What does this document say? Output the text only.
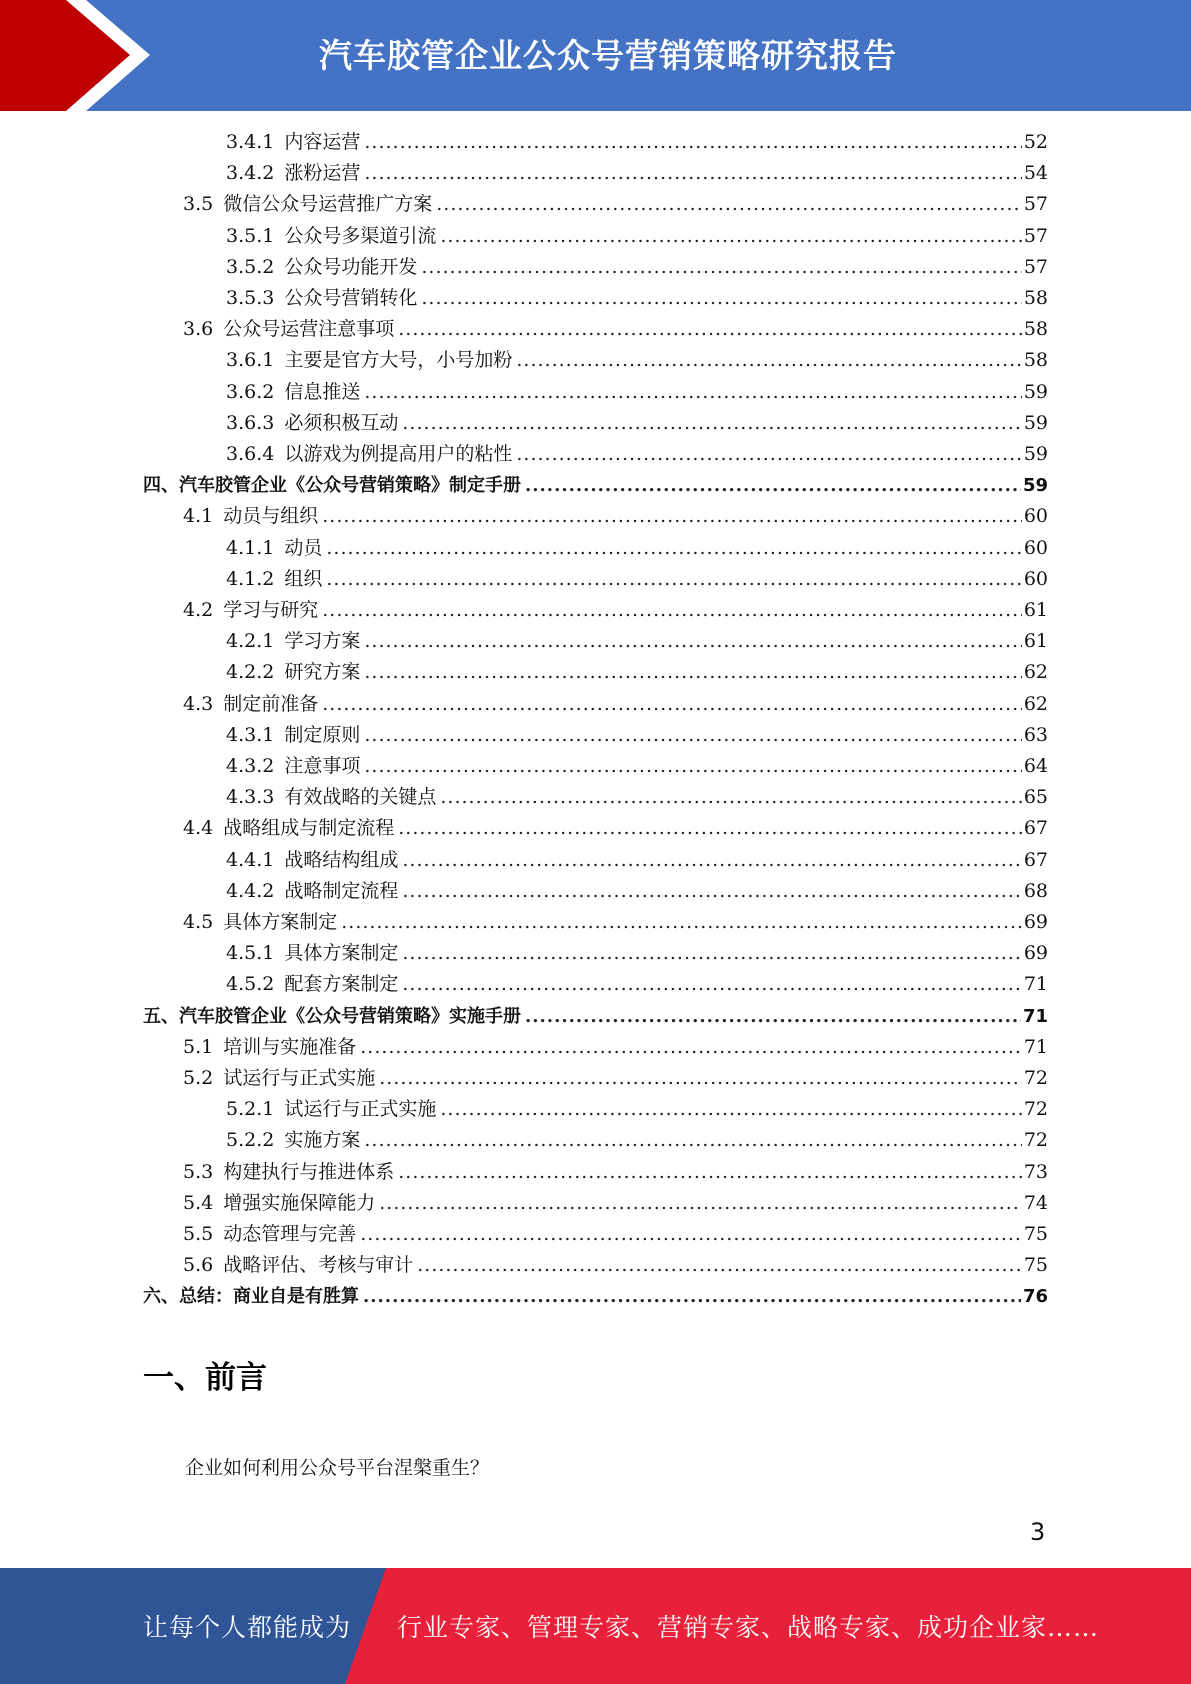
汽车胶管企业公众号营销策略研究报告
3.4.1 内容运营 .....	52
3.4.2 涨粉运营 .....	54
3.5 微信公众号运营推广方案 .....	57
3.5.1 公众号多渠道引流 .....	57
3.5.2 公众号功能开发 .....	57
3.5.3 公众号营销转化 .....	58
3.6 公众号运营注意事项 .....	58
3.6.1 主要是官方大号，小号加粉 .....	58
3.6.2 信息推送 .....	59
3.6.3 必须积极互动 .....	59
3.6.4 以游戏为例提高用户的粘性 .....	59
四、汽车胶管企业《公众号营销策略》制定手册 .....	59
4.1 动员与组织 .....	60
4.1.1 动员 .....	60
4.1.2 组织 .....	60
4.2 学习与研究 .....	61
4.2.1 学习方案 .....	61
4.2.2 研究方案 .....	62
4.3 制定前准备 .....	62
4.3.1 制定原则 .....	63
4.3.2 注意事项 .....	64
4.3.3 有效战略的关键点 .....	65
4.4 战略组成与制定流程 .....	67
4.4.1 战略结构组成 .....	67
4.4.2 战略制定流程 .....	68
4.5 具体方案制定 .....	69
4.5.1 具体方案制定 .....	69
4.5.2 配套方案制定 .....	71
五、汽车胶管企业《公众号营销策略》实施手册 .....	71
5.1 培训与实施准备 .....	71
5.2 试运行与正式实施 .....	72
5.2.1 试运行与正式实施 .....	72
5.2.2 实施方案 .....	72
5.3 构建执行与推进体系 .....	73
5.4 增强实施保障能力 .....	74
5.5 动态管理与完善 .....	75
5.6 战略评估、考核与审计 .....	75
六、总结：商业自是有胜算 .....	76
一、前言
企业如何利用公众号平台涅槃重生？
3
让每个人都能成为 行业专家、管理专家、营销专家、战略专家、成功企业家……
